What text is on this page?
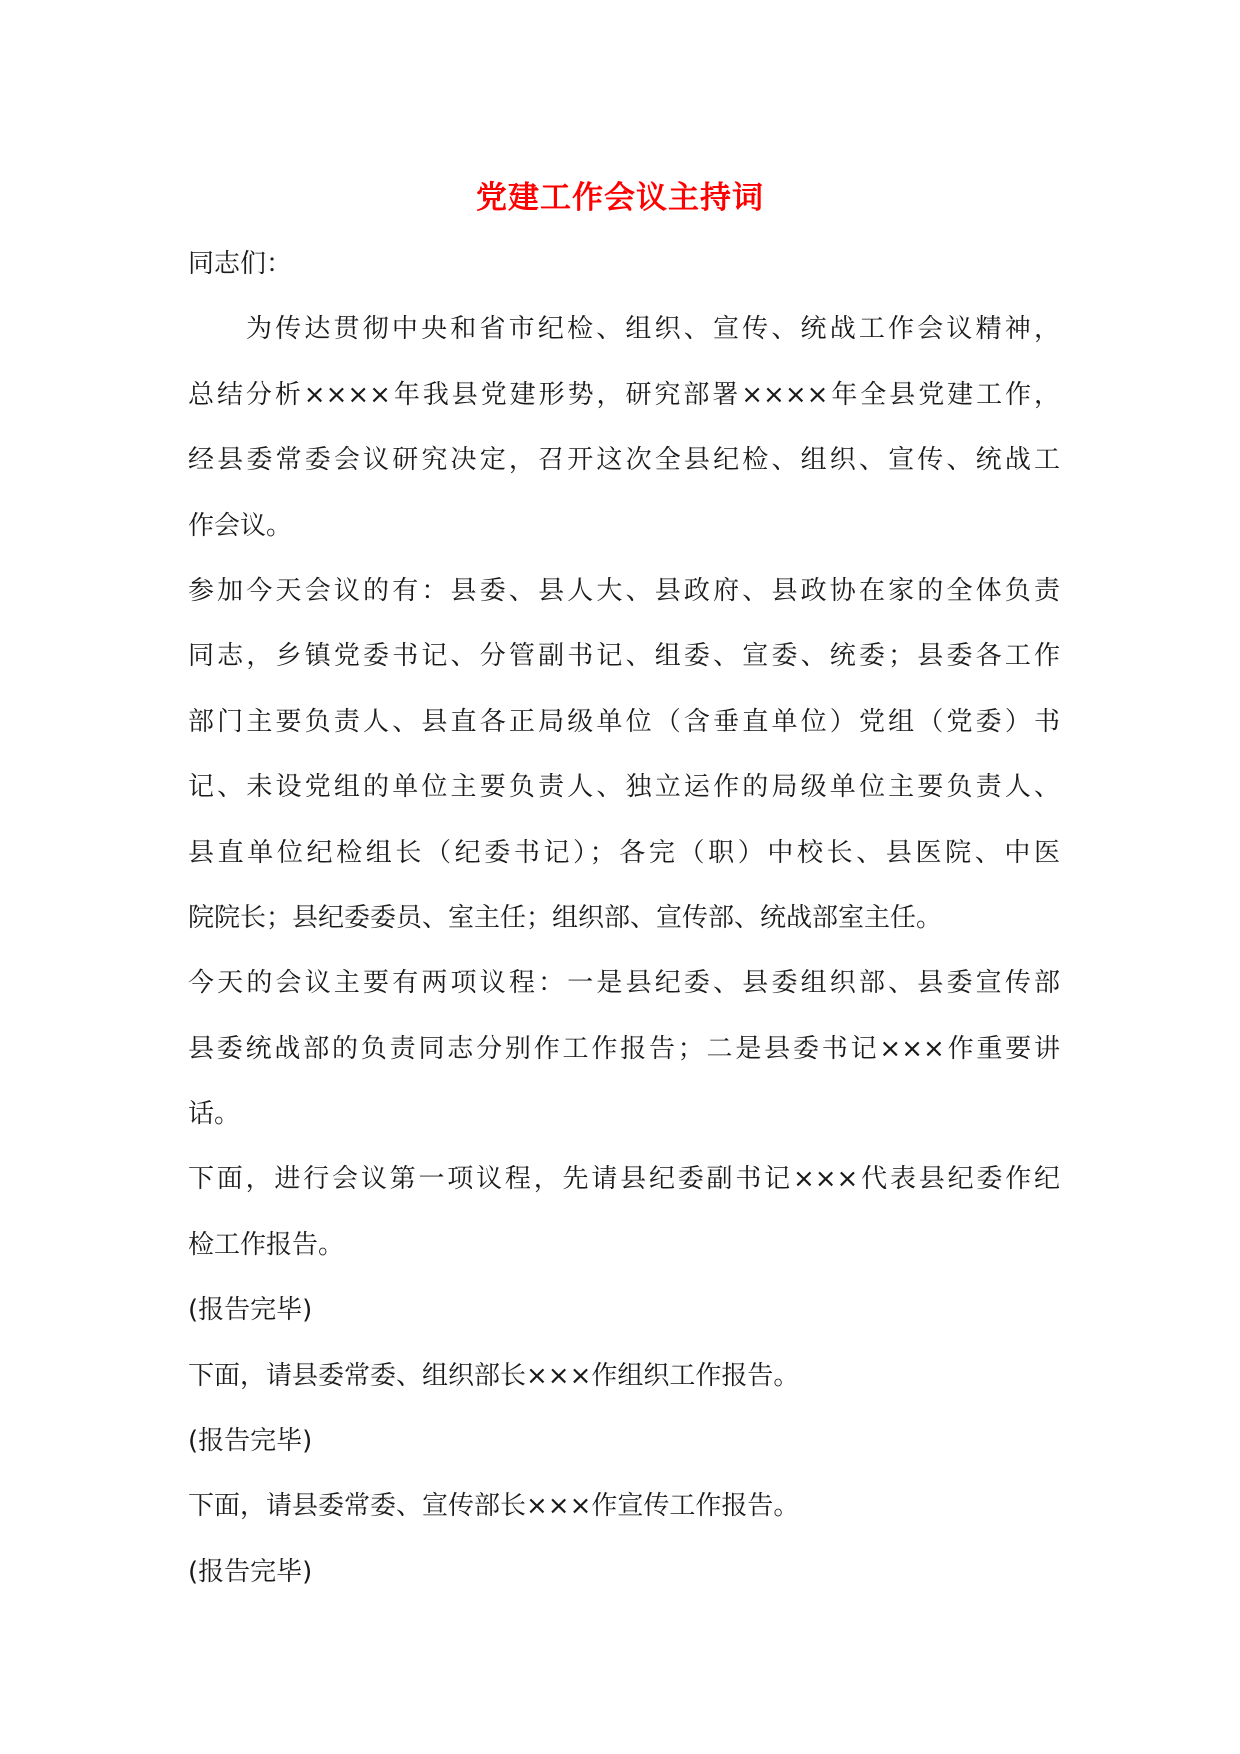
党建工作会议主持词
同志们：
为传达贯彻中央和省市纪检、组织、宣传、统战工作会议精神，
总结分析××××年我县党建形势，研究部署××××年全县党建工作，
经县委常委会议研究决定，召开这次全县纪检、组织、宣传、统战工
作会议。
参加今天会议的有：县委、县人大、县政府、县政协在家的全体负责
同志，乡镇党委书记、分管副书记、组委、宣委、统委；县委各工作
部门主要负责人、县直各正局级单位（含垂直单位）党组（党委）书
记、未设党组的单位主要负责人、独立运作的局级单位主要负责人、
县直单位纪检组长（纪委书记）；各完（职）中校长、县医院、中医
院院长；县纪委委员、室主任；组织部、宣传部、统战部室主任。
今天的会议主要有两项议程：一是县纪委、县委组织部、县委宣传部
县委统战部的负责同志分别作工作报告；二是县委书记×××作重要讲
话。
下面，进行会议第一项议程，先请县纪委副书记×××代表县纪委作纪
检工作报告。
(报告完毕)
下面，请县委常委、组织部长×××作组织工作报告。
(报告完毕)
下面，请县委常委、宣传部长×××作宣传工作报告。
(报告完毕)
